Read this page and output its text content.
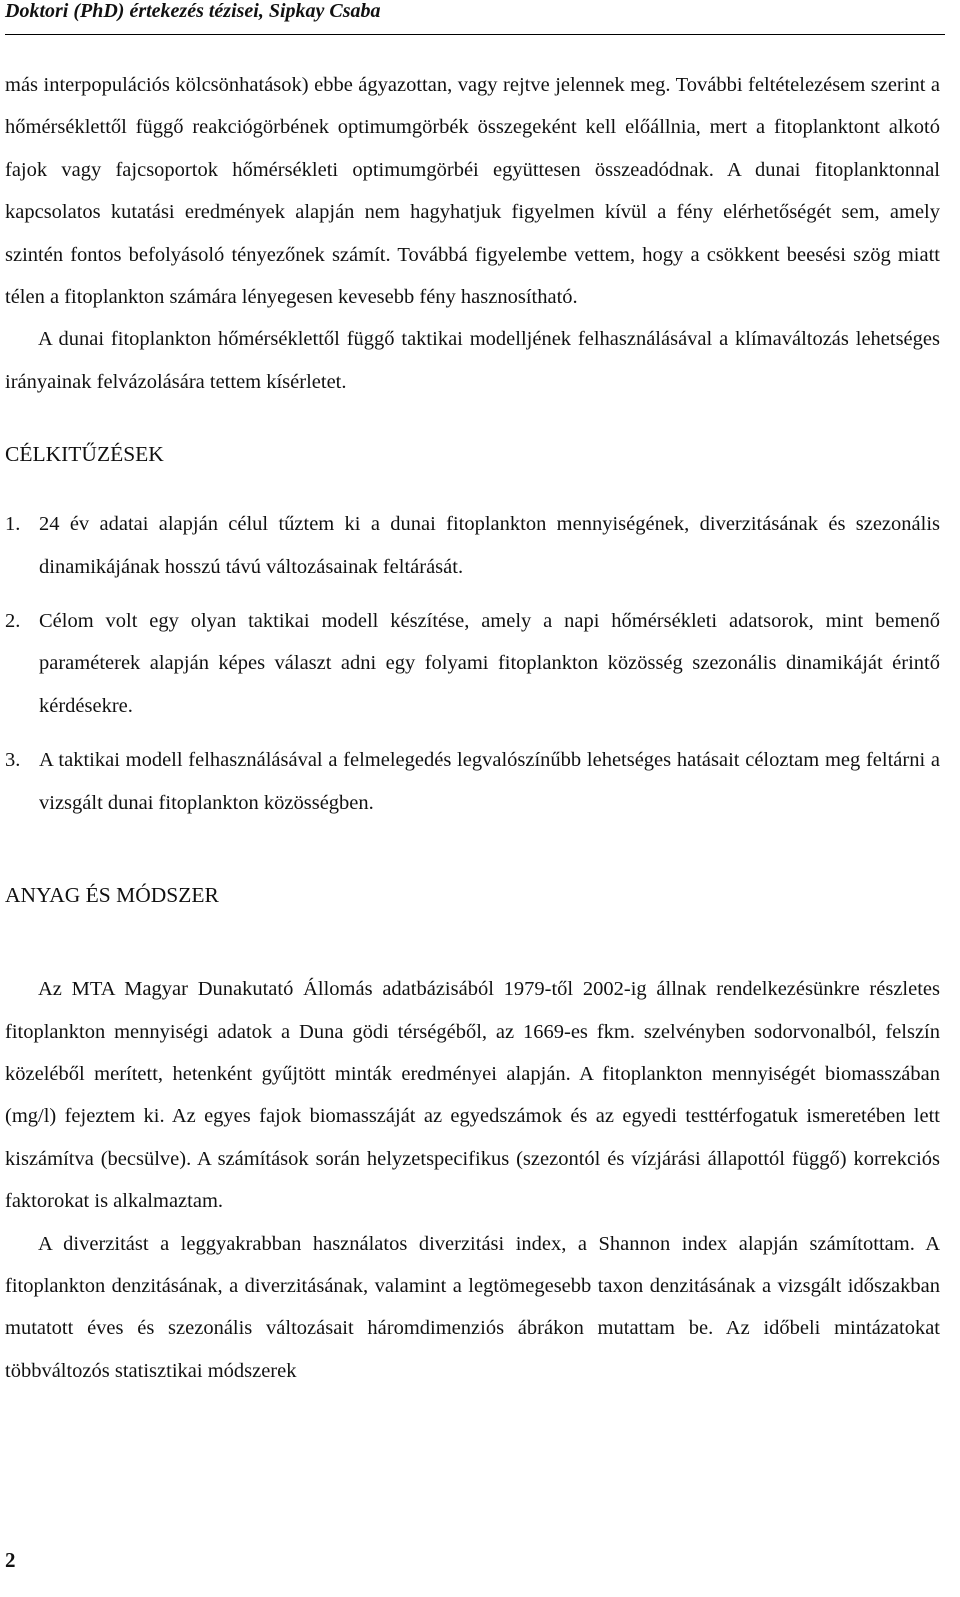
Doktori (PhD) értekezés tézisei, Sipkay Csaba

más interpopulációs kölcsönhatások) ebbe ágyazottan, vagy rejtve jelennek meg. További feltételezésem szerint a hőmérséklettől függő reakciógörbének optimumgörbék összegeként kell előállnia, mert a fitoplanktont alkotó fajok vagy fajcsoportok hőmérsékleti optimumgörbéi együttesen összeadódnak. A dunai fitoplanktonnal kapcsolatos kutatási eredmények alapján nem hagyhatjuk figyelmen kívül a fény elérhetőségét sem, amely szintén fontos befolyásoló tényezőnek számít. Továbbá figyelembe vettem, hogy a csökkent beesési szög miatt télen a fitoplankton számára lényegesen kevesebb fény hasznosítható.

A dunai fitoplankton hőmérséklettől függő taktikai modelljének felhasználásával a klímaváltozás lehetséges irányainak felvázolására tettem kísérletet.

CÉLKITŰZÉSEK
1. 24 év adatai alapján célul tűztem ki a dunai fitoplankton mennyiségének, diverzitásának és szezonális dinamikájának hosszú távú változásainak feltárását.
2. Célom volt egy olyan taktikai modell készítése, amely a napi hőmérsékleti adatsorok, mint bemenő paraméterek alapján képes választ adni egy folyami fitoplankton közösség szezonális dinamikáját érintő kérdésekre.
3. A taktikai modell felhasználásával a felmelegedés legvalószínűbb lehetséges hatásait céloztam meg feltárni a vizsgált dunai fitoplankton közösségben.
ANYAG ÉS MÓDSZER

Az MTA Magyar Dunakutató Állomás adatbázisából 1979-től 2002-ig állnak rendelkezésünkre részletes fitoplankton mennyiségi adatok a Duna gödi térségéből, az 1669-es fkm. szelvényben sodorvonalból, felszín közeléből merített, hetenként gyűjtött minták eredményei alapján. A fitoplankton mennyiségét biomasszában (mg/l) fejeztem ki. Az egyes fajok biomasszáját az egyedszámok és az egyedi testtérfogatuk ismeretében lett kiszámítva (becsülve). A számítások során helyzetspecifikus (szezontól és vízjárási állapottól függő) korrekciós faktorokat is alkalmaztam.

A diverzitást a leggyakrabban használatos diverzitási index, a Shannon index alapján számítottam. A fitoplankton denzitásának, a diverzitásának, valamint a legtömegesebb taxon denzitásának a vizsgált időszakban mutatott éves és szezonális változásait háromdimenziós ábrákon mutattam be. Az időbeli mintázatokat többváltozós statisztikai módszerek

2
